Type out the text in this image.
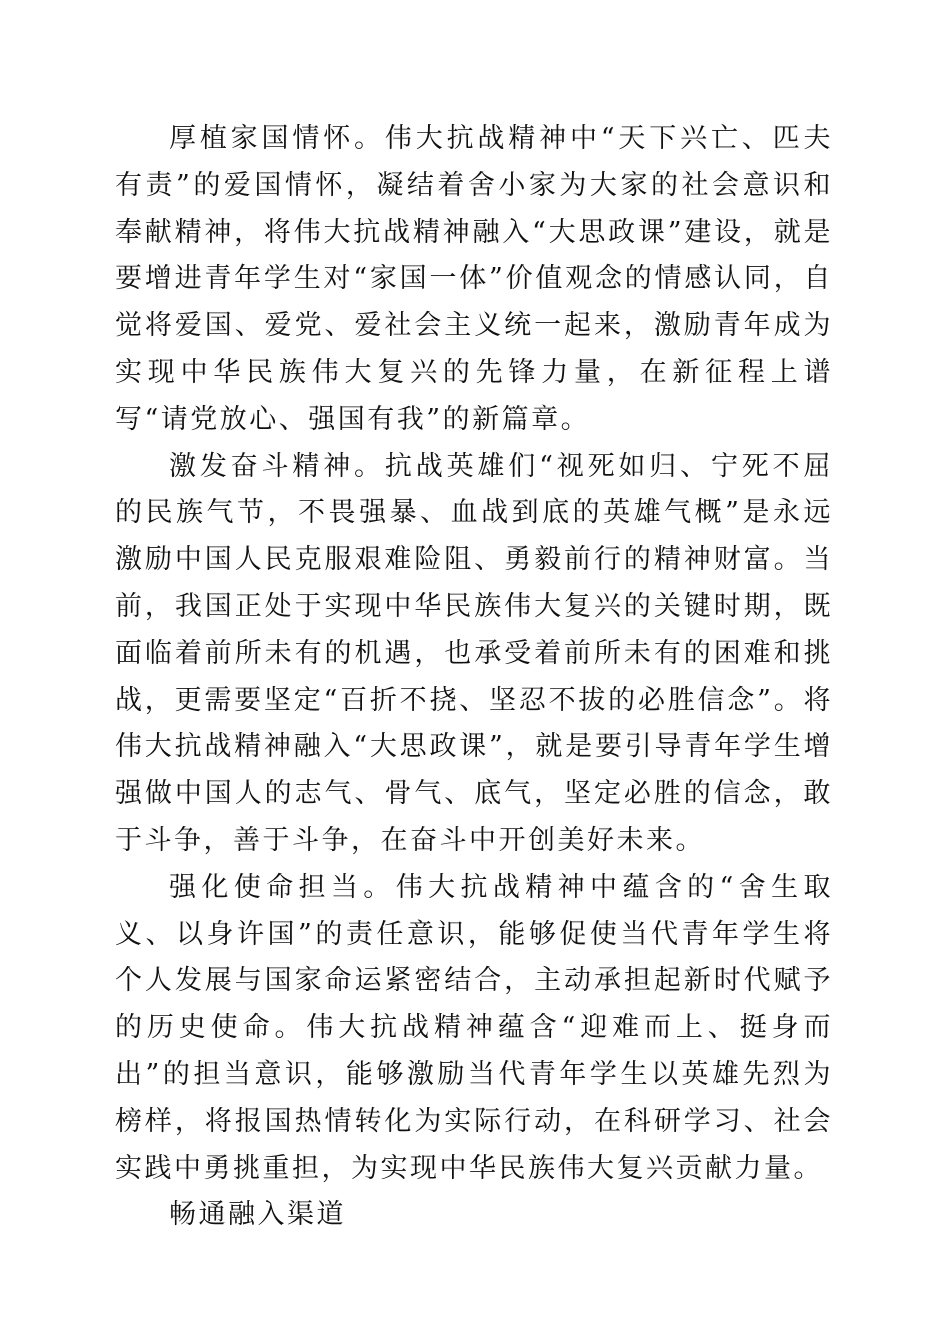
厚植家国情怀。伟大抗战精神中“天下兴亡、匹夫有责”的爱国情怀，凝结着舍小家为大家的社会意识和奉献精神，将伟大抗战精神融入“大思政课”建设，就是要增进青年学生对“家国一体”价值观念的情感认同，自觉将爱国、爱党、爱社会主义统一起来，激励青年成为实现中华民族伟大复兴的先锋力量，在新征程上谱写“请党放心、强国有我”的新篇章。

激发奋斗精神。抗战英雄们“视死如归、宁死不屈的民族气节，不畏强暴、血战到底的英雄气概”是永远激励中国人民克服艰难险阻、勇毅前行的精神财富。当前，我国正处于实现中华民族伟大复兴的关键时期，既面临着前所未有的机遇，也承受着前所未有的困难和挑战，更需要坚定“百折不挠、坚忍不拔的必胜信念”。将伟大抗战精神融入“大思政课”，就是要引导青年学生增强做中国人的志气、骨气、底气，坚定必胜的信念，敢于斗争，善于斗争，在奋斗中开创美好未来。

强化使命担当。伟大抗战精神中蕴含的“舍生取义、以身许国”的责任意识，能够促使当代青年学生将个人发展与国家命运紧密结合，主动承担起新时代赋予的历史使命。伟大抗战精神蕴含“迎难而上、挺身而出”的担当意识，能够激励当代青年学生以英雄先烈为榜样，将报国热情转化为实际行动，在科研学习、社会实践中勇挑重担，为实现中华民族伟大复兴贡献力量。

畅通融入渠道
